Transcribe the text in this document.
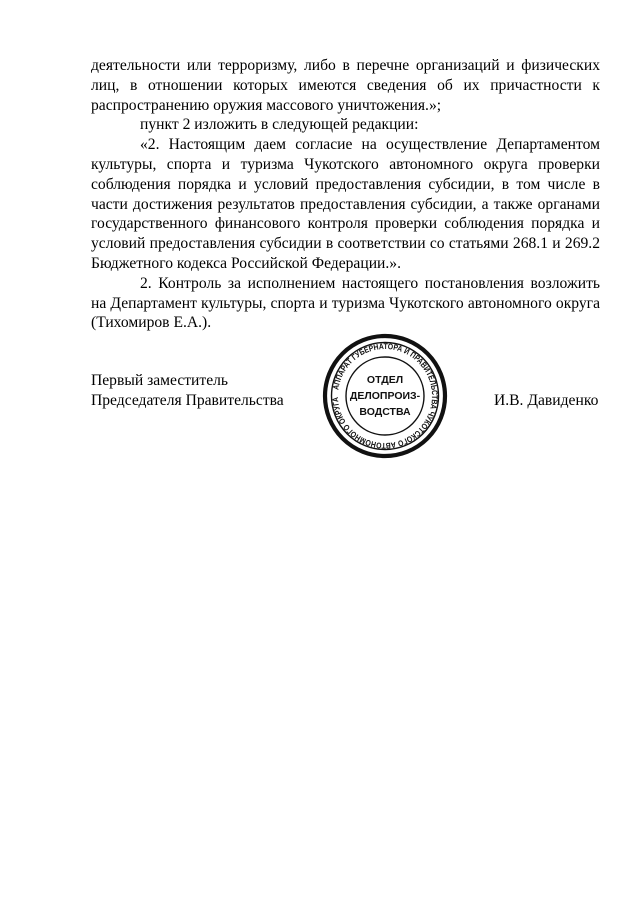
деятельности или терроризму, либо в перечне организаций и физических лиц, в отношении которых имеются сведения об их причастности к распространению оружия массового уничтожения.»;

пункт 2 изложить в следующей редакции:

«2. Настоящим даем согласие на осуществление Департаментом культуры, спорта и туризма Чукотского автономного округа проверки соблюдения порядка и условий предоставления субсидии, в том числе в части достижения результатов предоставления субсидии, а также органами государственного финансового контроля проверки соблюдения порядка и условий предоставления субсидии в соответствии со статьями 268.1 и 269.2 Бюджетного кодекса Российской Федерации.».

2. Контроль за исполнением настоящего постановления возложить на Департамент культуры, спорта и туризма Чукотского автономного округа (Тихомиров Е.А.).

Первый заместитель
Председателя Правительства
АППАРАТ ГУБЕРНАТОРА И ПРАВИТЕЛЬСТВА ЧУКОТСКОГО АВТОНОМНОГО ОКРУГА
ОТДЕЛ
ДЕЛОПРОИЗ-
ВОДСТВА
И.В. Давиденко
